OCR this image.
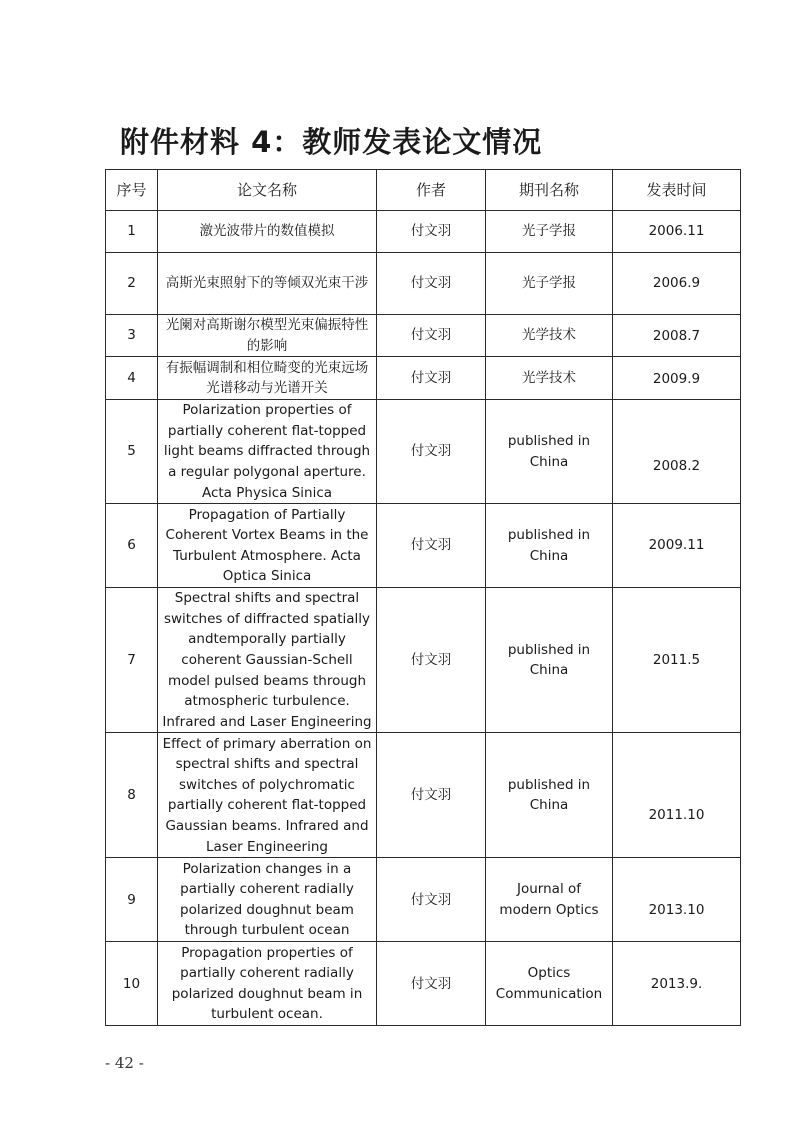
附件材料 4：教师发表论文情况
序号	论文名称	作者	期刊名称	发表时间
1	激光波带片的数值模拟	付文羽	光子学报	2006.11
2	高斯光束照射下的等倾双光束干涉	付文羽	光子学报	2006.9
3	光阑对高斯谢尔模型光束偏振特性的影响	付文羽	光学技术	2008.7
4	有振幅调制和相位畸变的光束远场光谱移动与光谱开关	付文羽	光学技术	2009.9
5	Polarization properties of partially coherent flat-topped light beams diffracted through a regular polygonal aperture. Acta Physica Sinica	付文羽	published in China	2008.2
6	Propagation of Partially Coherent Vortex Beams in the Turbulent Atmosphere. Acta Optica Sinica	付文羽	published in China	2009.11
7	Spectral shifts and spectral switches of diffracted spatially andtemporally partially coherent Gaussian-Schell model pulsed beams through atmospheric turbulence. Infrared and Laser Engineering	付文羽	published in China	2011.5
8	Effect of primary aberration on spectral shifts and spectral switches of polychromatic partially coherent flat-topped Gaussian beams. Infrared and Laser Engineering	付文羽	published in China	2011.10
9	Polarization changes in a partially coherent radially polarized doughnut beam through turbulent ocean	付文羽	Journal of modern Optics	2013.10
10	Propagation properties of partially coherent radially polarized doughnut beam in turbulent ocean.	付文羽	Optics Communication	2013.9.
- 42 -
